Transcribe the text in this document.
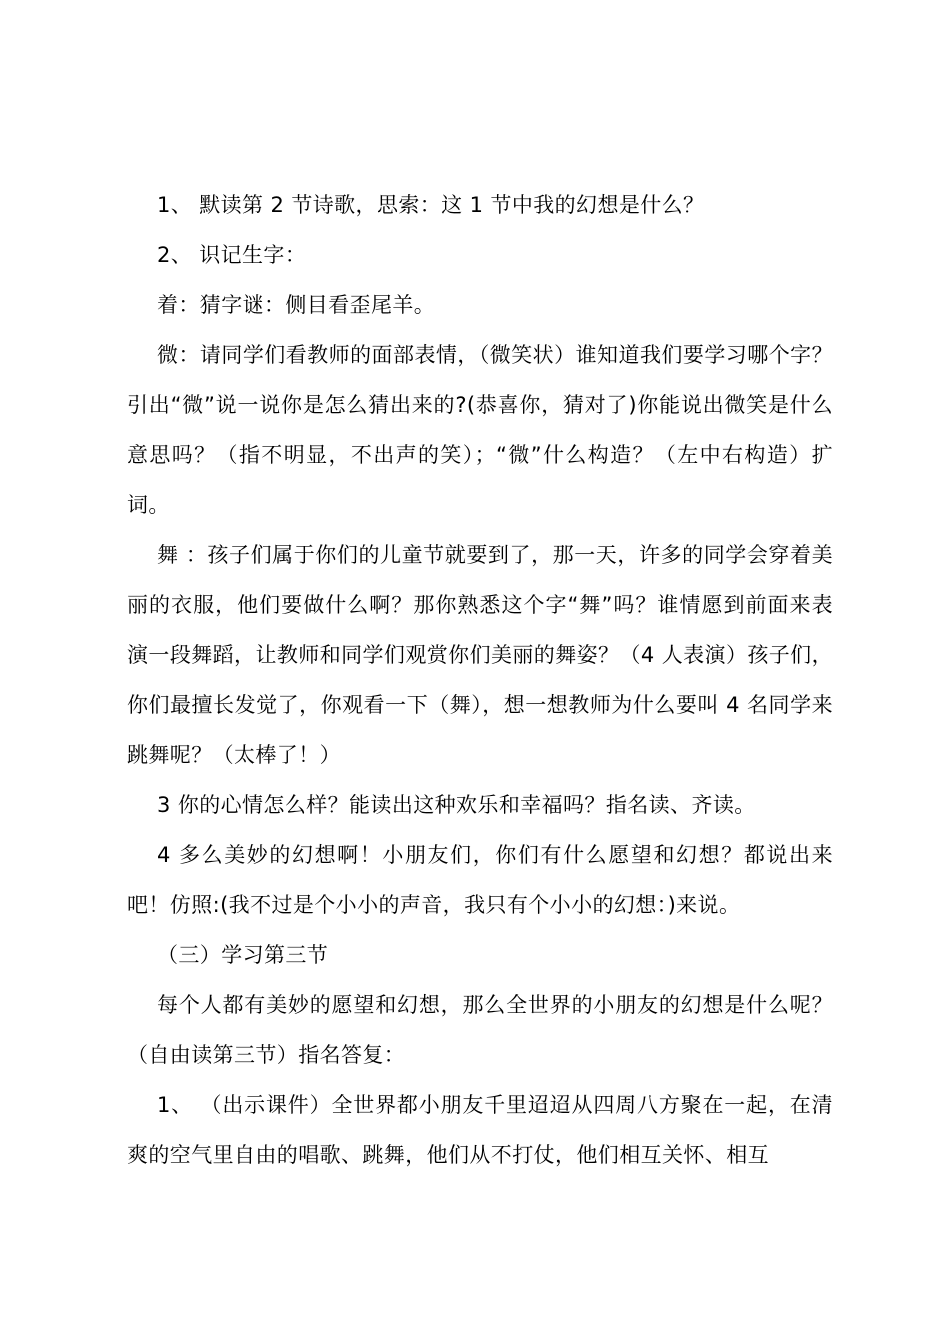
1、 默读第 2 节诗歌，思索：这 1 节中我的幻想是什么？

2、 识记生字：

着：猜字谜：侧目看歪尾羊。

微：请同学们看教师的面部表情，（微笑状）谁知道我们要学习哪个字？引出“微”说一说你是怎么猜出来的?(恭喜你，猜对了)你能说出微笑是什么意思吗？（指不明显，不出声的笑）；“微”什么构造？（左中右构造）扩词。

舞 ：孩子们属于你们的儿童节就要到了，那一天，许多的同学会穿着美丽的衣服，他们要做什么啊？那你熟悉这个字“舞”吗？谁情愿到前面来表演一段舞蹈，让教师和同学们观赏你们美丽的舞姿？（4 人表演）孩子们，你们最擅长发觉了，你观看一下（舞），想一想教师为什么要叫 4 名同学来跳舞呢？（太棒了！）

3 你的心情怎么样？能读出这种欢乐和幸福吗？指名读、齐读。

4 多么美妙的幻想啊！小朋友们，你们有什么愿望和幻想？都说出来吧！仿照:(我不过是个小小的声音，我只有个小小的幻想：)来说。

（三）学习第三节

每个人都有美妙的愿望和幻想，那么全世界的小朋友的幻想是什么呢？（自由读第三节）指名答复：

1、 （出示课件）全世界都小朋友千里迢迢从四周八方聚在一起，在清爽的空气里自由的唱歌、跳舞，他们从不打仗，他们相互关怀、相互
